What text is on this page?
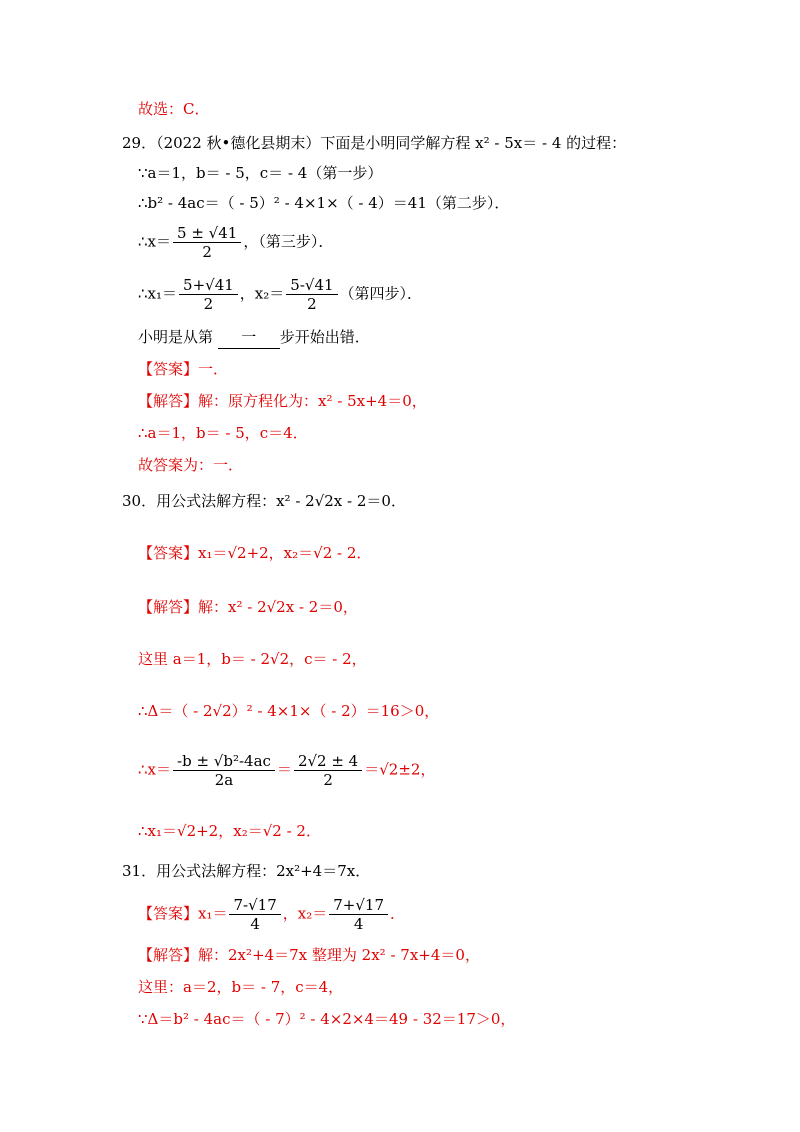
故选：C．
29．（2022 秋•德化县期末）下面是小明同学解方程 x² - 5x＝ - 4 的过程：
∵a＝1，b＝ - 5，c＝ - 4（第一步）
∴b² - 4ac＝（ - 5）² - 4×1×（ - 4）＝41（第二步）．
∴x＝ $\frac{5 \pm √41}{2}$ ，（第三步）．
∴x₁＝ $\frac{5+√41}{2}$ ，$x_2= \frac{5-√41}{2}$ （第四步）．
小明是从第 一 步开始出错．
【答案】一．
【解答】解：原方程化为：x² - 5x+4＝0，
∴a＝1，b＝ - 5，c＝4．
故答案为：一．
30．用公式法解方程：x² - 2√2x - 2＝0．
【答案】x₁＝√2+2，x₂＝√2 - 2．
【解答】解：x² - 2√2x - 2＝0，
这里 a＝1，b＝ - 2√2，c＝ - 2，
∴Δ＝（ - 2√2）² - 4×1×（ - 2）＝16＞0，
∴x＝ $\frac{\text{-b ± √b²-4ac}}{2a} = \frac{2√2 \pm 4}{2} =√2\pm 2$，
∴x₁＝√2+2，x₂＝√2 - 2．
31．用公式法解方程：2x²+4＝7x．
【答案】$x_1= \frac{7-√17}{4}$ ，$x_2= \frac{7+√17}{4}$ ．
【解答】解：2x²+4＝7x 整理为 2x² - 7x+4＝0，
这里：a＝2，b＝ - 7，c＝4，
∵Δ＝b² - 4ac＝（ - 7）² - 4×2×4＝49 - 32＝17＞0，
